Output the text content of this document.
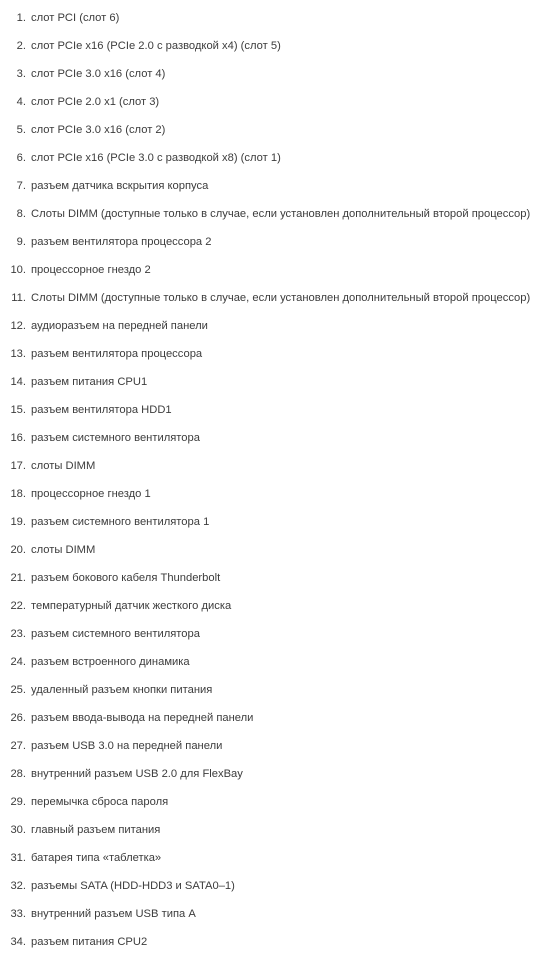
1. слот PCI (слот 6)
2. слот PCIe x16 (PCIe 2.0 с разводкой x4) (слот 5)
3. слот PCIe 3.0 x16 (слот 4)
4. слот PCIe 2.0 x1 (слот 3)
5. слот PCIe 3.0 x16 (слот 2)
6. слот PCIe x16 (PCIe 3.0 с разводкой x8) (слот 1)
7. разъем датчика вскрытия корпуса
8. Слоты DIMM (доступные только в случае, если установлен дополнительный второй процессор)
9. разъем вентилятора процессора 2
10. процессорное гнездо 2
11. Слоты DIMM (доступные только в случае, если установлен дополнительный второй процессор)
12. аудиоразъем на передней панели
13. разъем вентилятора процессора
14. разъем питания CPU1
15. разъем вентилятора HDD1
16. разъем системного вентилятора
17. слоты DIMM
18. процессорное гнездо 1
19. разъем системного вентилятора 1
20. слоты DIMM
21. разъем бокового кабеля Thunderbolt
22. температурный датчик жесткого диска
23. разъем системного вентилятора
24. разъем встроенного динамика
25. удаленный разъем кнопки питания
26. разъем ввода-вывода на передней панели
27. разъем USB 3.0 на передней панели
28. внутренний разъем USB 2.0 для FlexBay
29. перемычка сброса пароля
30. главный разъем питания
31. батарея типа «таблетка»
32. разъемы SATA (HDD-HDD3 и SATA0–1)
33. внутренний разъем USB типа A
34. разъем питания CPU2
